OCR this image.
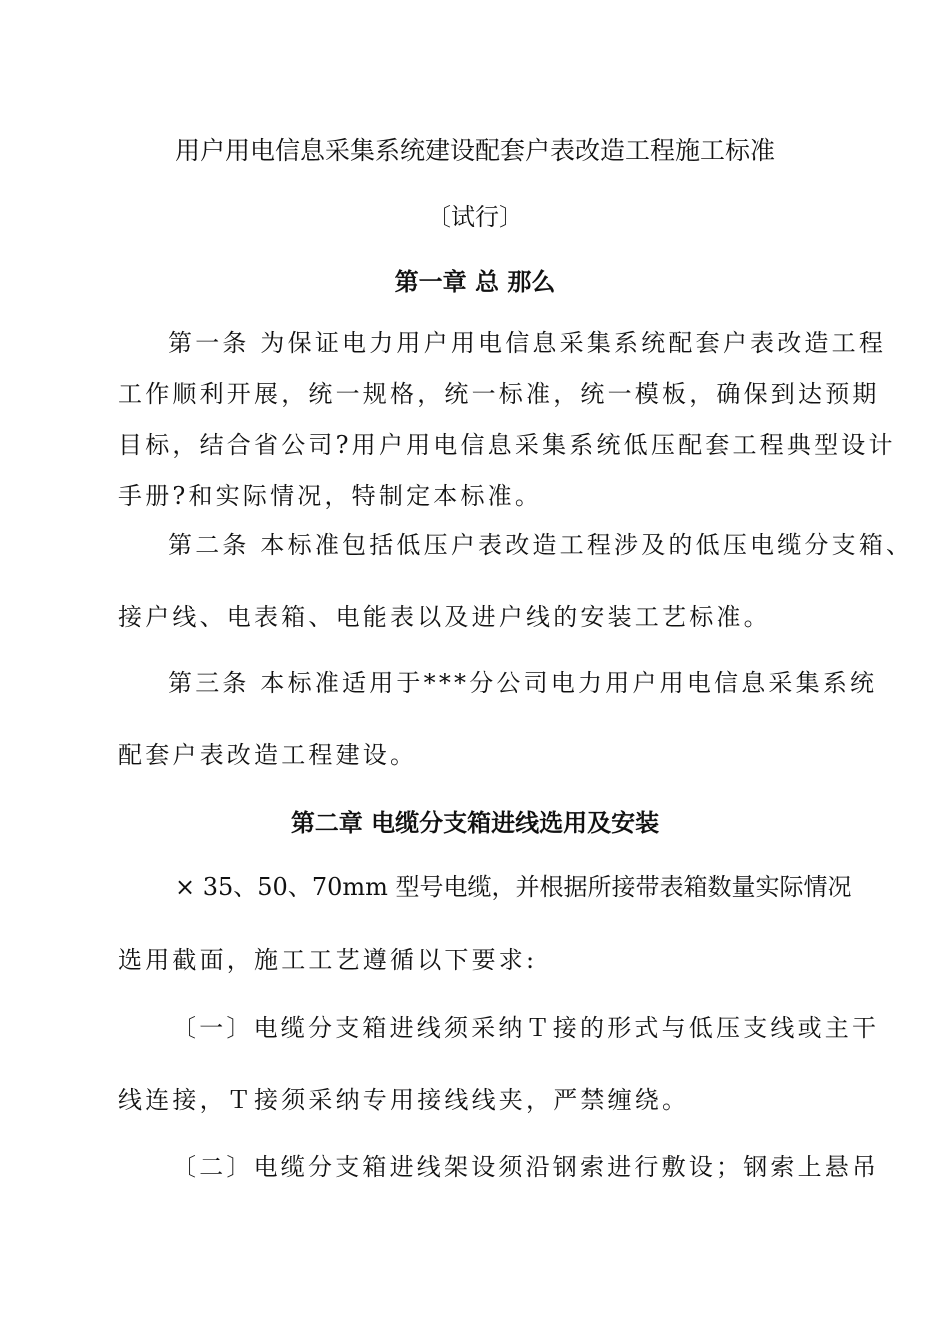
用户用电信息采集系统建设配套户表改造工程施工标准
〔试行〕
第一章 总 那么
第一条 为保证电力用户用电信息采集系统配套户表改造工程
工作顺利开展，统一规格，统一标准，统一模板，确保到达预期
目标，结合省公司?用户用电信息采集系统低压配套工程典型设计
手册?和实际情况，特制定本标准。
第二条 本标准包括低压户表改造工程涉及的低压电缆分支箱、
接户线、电表箱、电能表以及进户线的安装工艺标准。
第三条 本标准适用于***分公司电力用户用电信息采集系统
配套户表改造工程建设。
第二章 电缆分支箱进线选用及安装
× 35、50、70mm 型号电缆，并根据所接带表箱数量实际情况
选用截面，施工工艺遵循以下要求:
〔一〕电缆分支箱进线须采纳Ｔ接的形式与低压支线或主干
线连接，Ｔ接须采纳专用接线线夹，严禁缠绕。
〔二〕电缆分支箱进线架设须沿钢索进行敷设；钢索上悬吊
